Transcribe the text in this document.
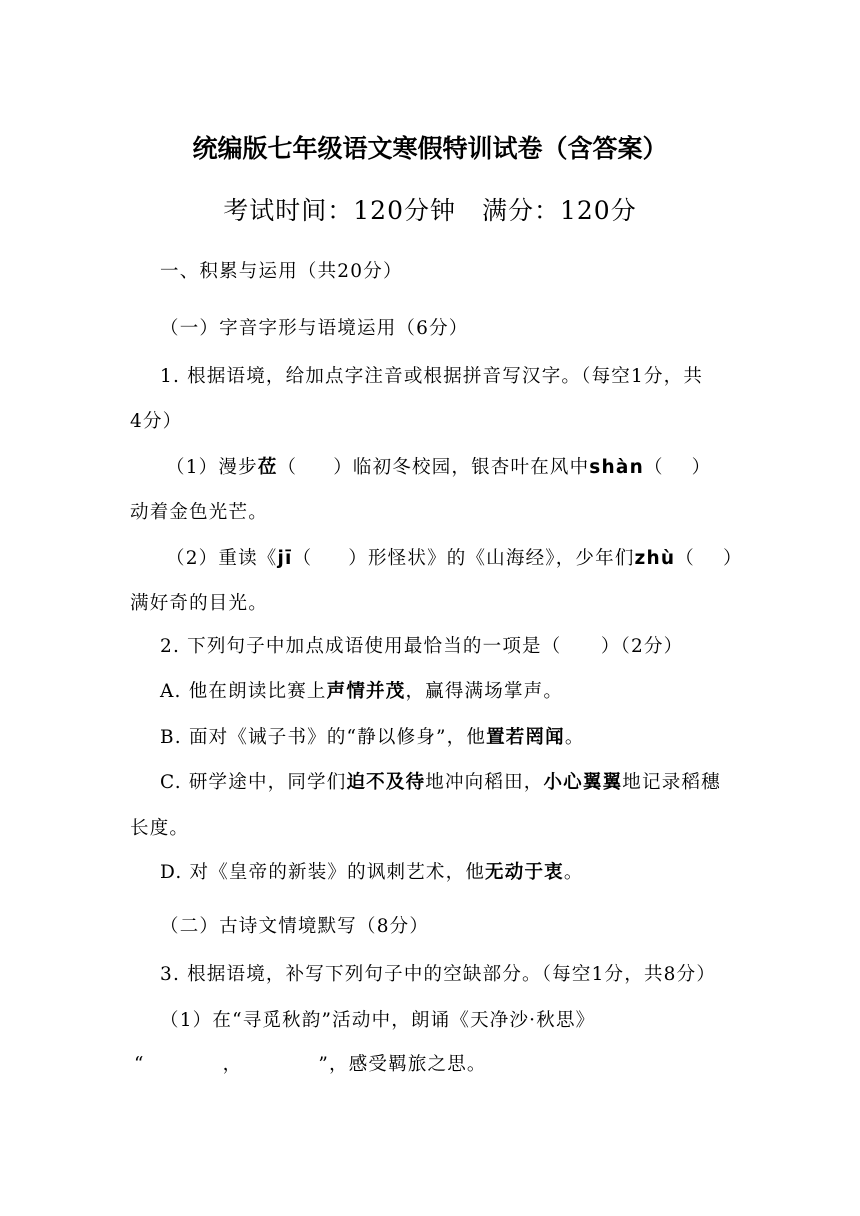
统编版七年级语文寒假特训试卷（含答案）
考试时间：120分钟　满分：120分
一、积累与运用（共20分）
（一）字音字形与语境运用（6分）
1. 根据语境，给加点字注音或根据拼音写汉字。（每空1分，共
4分）
（1）漫步莅（ ）临初冬校园，银杏叶在风中shàn（ ）
动着金色光芒。
（2）重读《jī（ ）形怪状》的《山海经》，少年们zhù（ ）
满好奇的目光。
2. 下列句子中加点成语使用最恰当的一项是（　　）（2分）
A. 他在朗读比赛上声情并茂，赢得满场掌声。
B. 面对《诫子书》的“静以修身”，他置若罔闻。
C. 研学途中，同学们迫不及待地冲向稻田，小心翼翼地记录稻穗
长度。
D. 对《皇帝的新装》的讽刺艺术，他无动于衷。
（二）古诗文情境默写（8分）
3. 根据语境，补写下列句子中的空缺部分。（每空1分，共8分）
（1）在“寻觅秋韵”活动中，朗诵《天净沙·秋思》
“	，	”，感受羁旅之思。
